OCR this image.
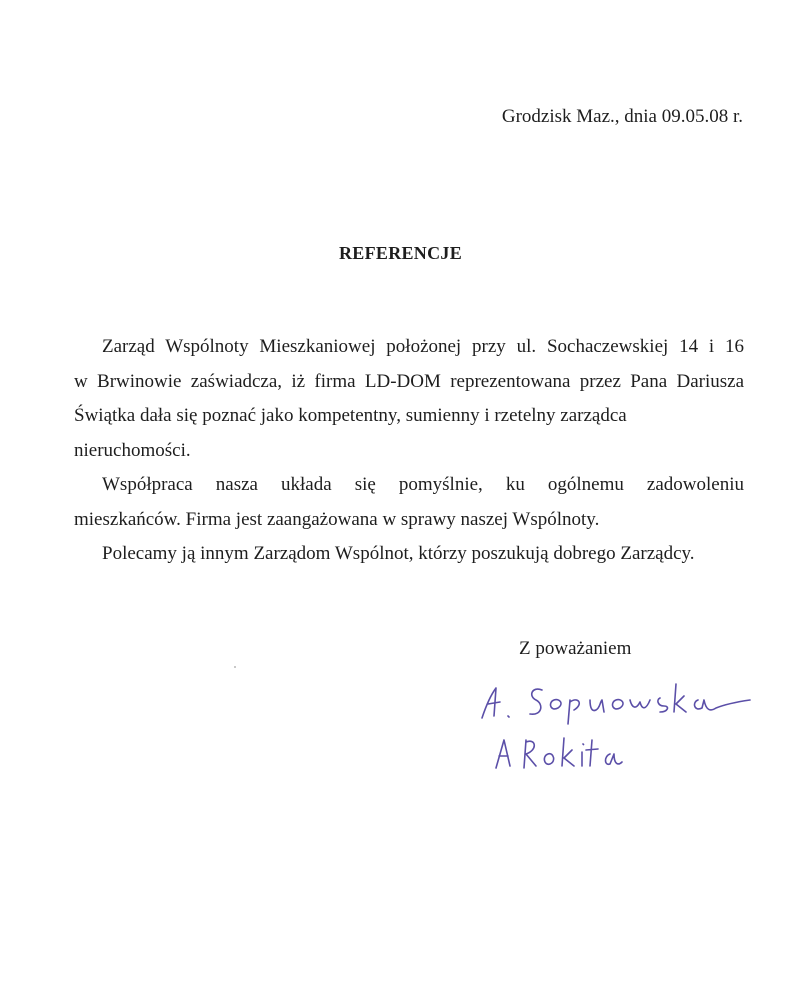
Grodzisk Maz., dnia 09.05.08 r.
REFERENCJE

Zarząd Wspólnoty Mieszkaniowej położonej przy ul. Sochaczewskiej 14 i 16
w Brwinowie zaświadcza, iż firma LD-DOM reprezentowana przez Pana Dariusza
Świątka dała się poznać jako kompetentny, sumienny i rzetelny zarządca
nieruchomości.

Współpraca nasza układa się pomyślnie, ku ogólnemu zadowoleniu
mieszkańców. Firma jest zaangażowana w sprawy naszej Wspólnoty.

Polecamy ją innym Zarządom Wspólnot, którzy poszukują dobrego Zarządcy.

Z poważaniem
